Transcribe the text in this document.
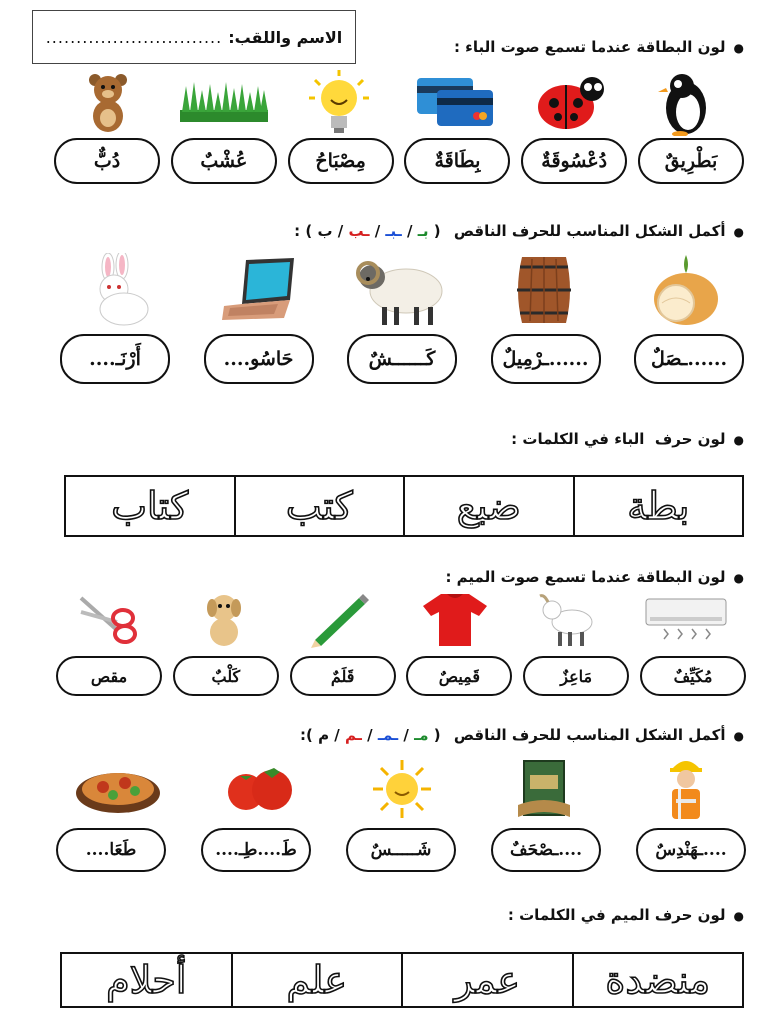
الاسم واللقب:
.............................
●لون البطاقة عندما تسمع صوت الباء :
بَطْرِيقٌ
دُعْسُوقَةٌ
بِطَاقَةٌ
مِصْبَاحُ
عُشْبٌ
دُبٌّ
●أكمل الشكل المناسب للحرف الناقص ( بـ / ـبـ / ـب / ب ) :
......ـصَلٌ
......ـرْمِيلٌ
كَــــــشٌ
حَاسُو....
أَرْنَـ....
●لون حرف  الباء في الكلمات :
بطة	ضبع	كتب	كتاب
●لون البطاقة عندما تسمع صوت الميم :
مُكَيِّفٌ
مَاعِزٌ
قَمِيصٌ
قَلَمٌ
كَلْبٌ
مقص
●أكمل الشكل المناسب للحرف الناقص ( مـ / ـمـ / ـم / م ):
....ـهَنْدِسٌ
....ـصْحَفٌ
شَـــــسٌ
طَ....طِـ....
طَعَا....
●لون حرف الميم في الكلمات :
منضدة	عمر	علم	أحلام
